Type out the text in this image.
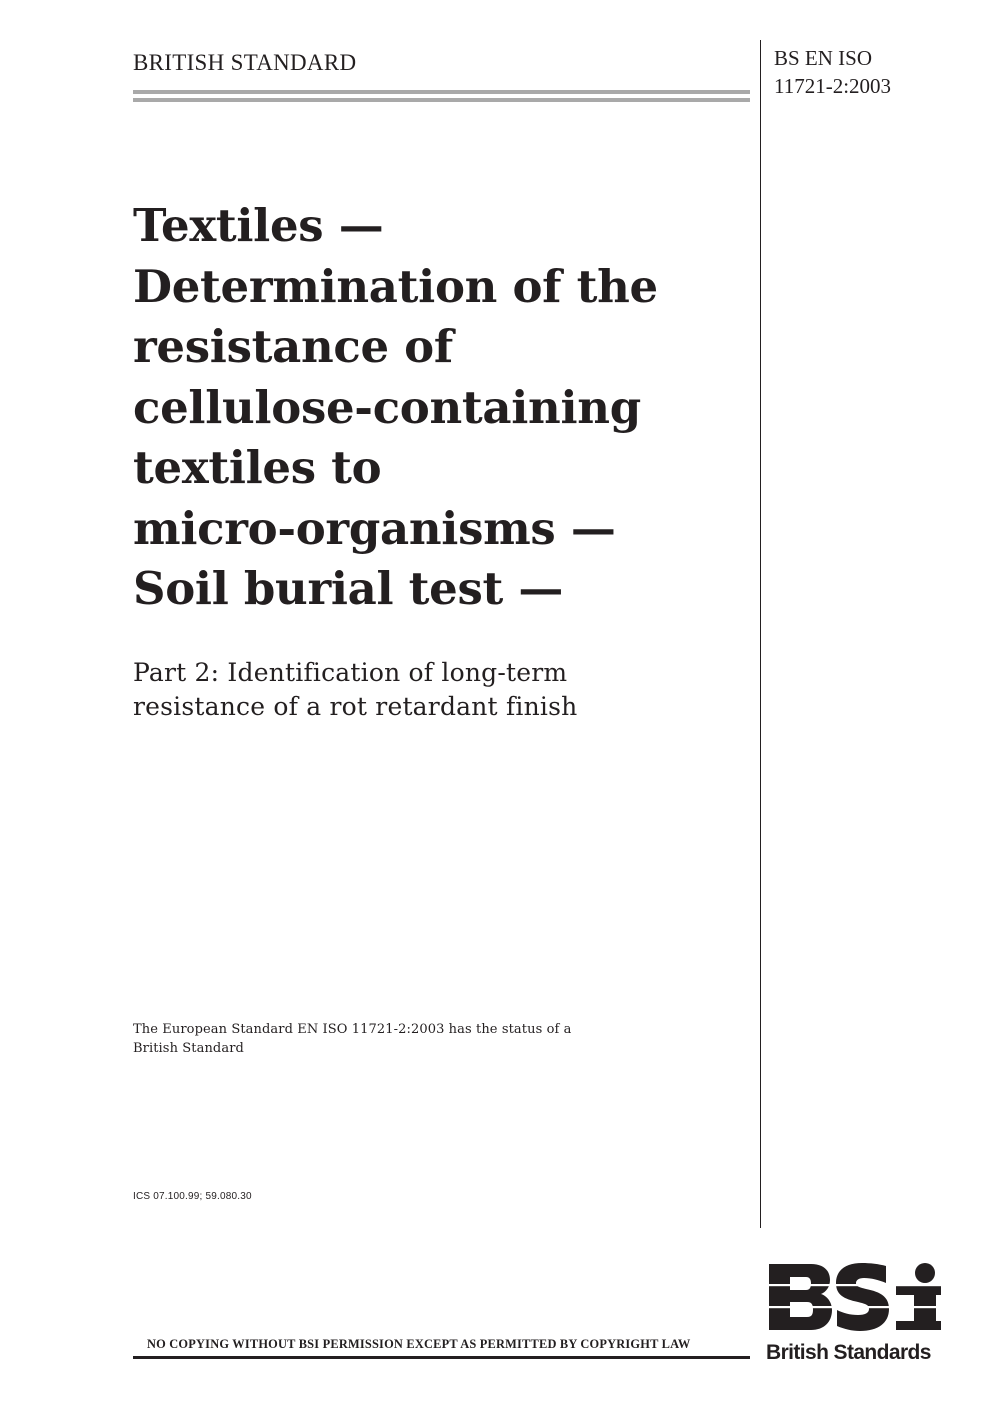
BRITISH STANDARD	BS EN ISO
11721-2:2003
Textiles —
Determination of the
resistance of
cellulose-containing
textiles to
micro-organisms —
Soil burial test —
Part 2: Identification of long-term
resistance of a rot retardant finish
The European Standard EN ISO 11721-2:2003 has the status of a
British Standard
ICS 07.100.99; 59.080.30
NO COPYING WITHOUT BSI PERMISSION EXCEPT AS PERMITTED BY COPYRIGHT LAW	British Standards
